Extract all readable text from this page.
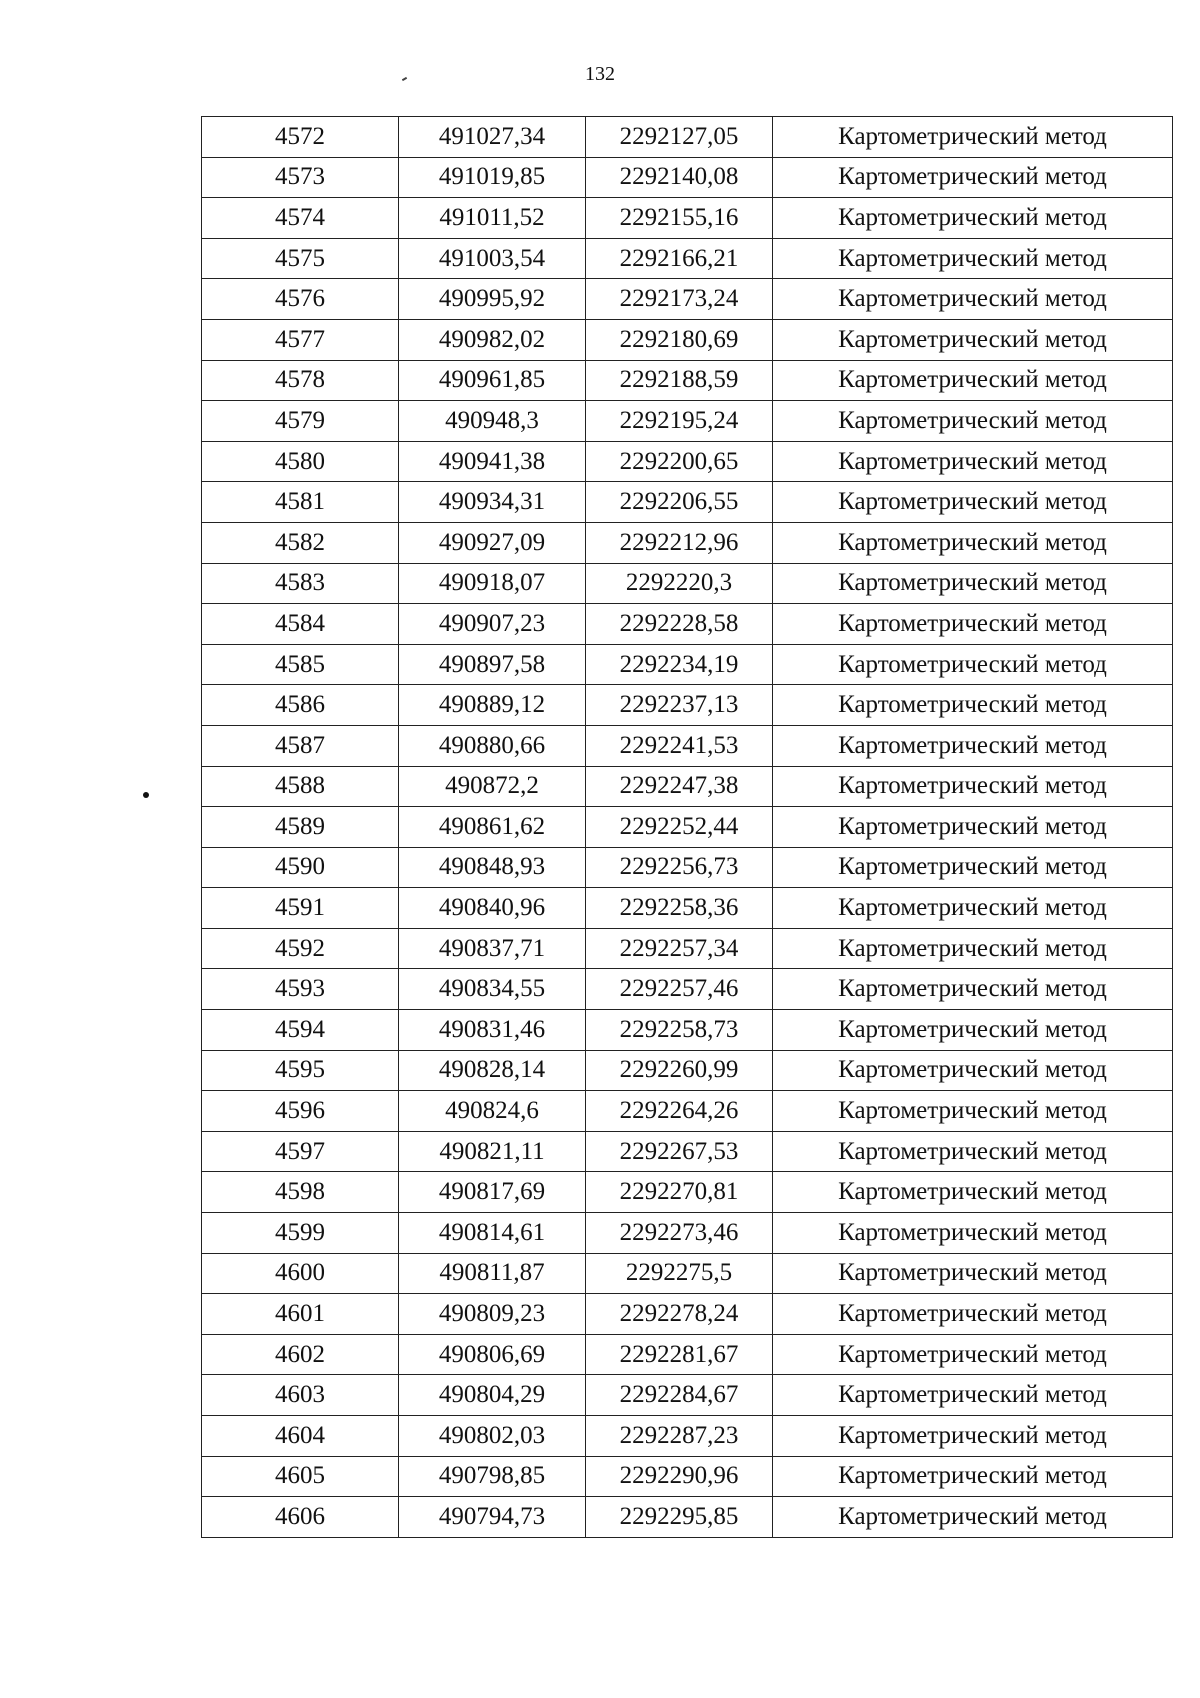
132
4572	491027,34	2292127,05	Картометрический метод
4573	491019,85	2292140,08	Картометрический метод
4574	491011,52	2292155,16	Картометрический метод
4575	491003,54	2292166,21	Картометрический метод
4576	490995,92	2292173,24	Картометрический метод
4577	490982,02	2292180,69	Картометрический метод
4578	490961,85	2292188,59	Картометрический метод
4579	490948,3	2292195,24	Картометрический метод
4580	490941,38	2292200,65	Картометрический метод
4581	490934,31	2292206,55	Картометрический метод
4582	490927,09	2292212,96	Картометрический метод
4583	490918,07	2292220,3	Картометрический метод
4584	490907,23	2292228,58	Картометрический метод
4585	490897,58	2292234,19	Картометрический метод
4586	490889,12	2292237,13	Картометрический метод
4587	490880,66	2292241,53	Картометрический метод
4588	490872,2	2292247,38	Картометрический метод
4589	490861,62	2292252,44	Картометрический метод
4590	490848,93	2292256,73	Картометрический метод
4591	490840,96	2292258,36	Картометрический метод
4592	490837,71	2292257,34	Картометрический метод
4593	490834,55	2292257,46	Картометрический метод
4594	490831,46	2292258,73	Картометрический метод
4595	490828,14	2292260,99	Картометрический метод
4596	490824,6	2292264,26	Картометрический метод
4597	490821,11	2292267,53	Картометрический метод
4598	490817,69	2292270,81	Картометрический метод
4599	490814,61	2292273,46	Картометрический метод
4600	490811,87	2292275,5	Картометрический метод
4601	490809,23	2292278,24	Картометрический метод
4602	490806,69	2292281,67	Картометрический метод
4603	490804,29	2292284,67	Картометрический метод
4604	490802,03	2292287,23	Картометрический метод
4605	490798,85	2292290,96	Картометрический метод
4606	490794,73	2292295,85	Картометрический метод
